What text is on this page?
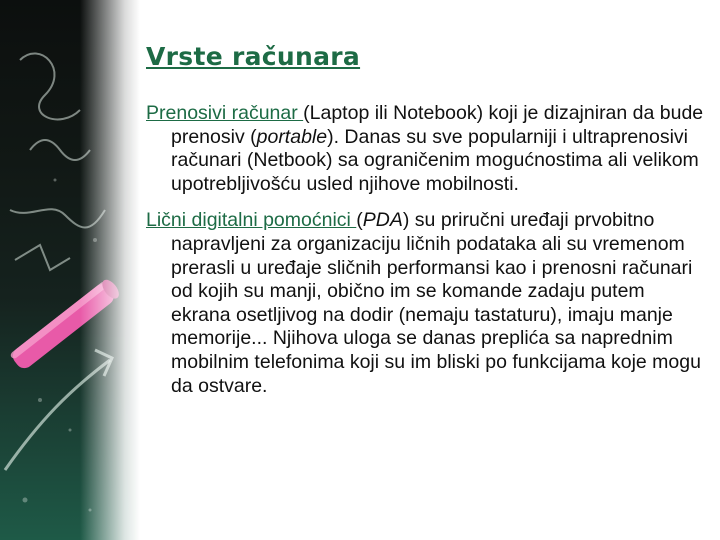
Vrste računara

Prenosivi računar (Laptop ili Notebook) koji je dizajniran da bude prenosiv (portable). Danas su sve popularniji i ultraprenosivi računari (Netbook) sa ograničenim mogućnostima ali velikom upotrebljivošću usled njihove mobilnosti.

Lični digitalni pomoćnici (PDA) su priručni uređaji prvobitno napravljeni za organizaciju ličnih podataka ali su vremenom prerasli u uređaje sličnih performansi kao i prenosni računari od kojih su manji, obično im se komande zadaju putem ekrana osetljivog na dodir (nemaju tastaturu), imaju manje memorije... Njihova uloga se danas preplića sa naprednim mobilnim telefonima koji su im bliski po funkcijama koje mogu da ostvare.
